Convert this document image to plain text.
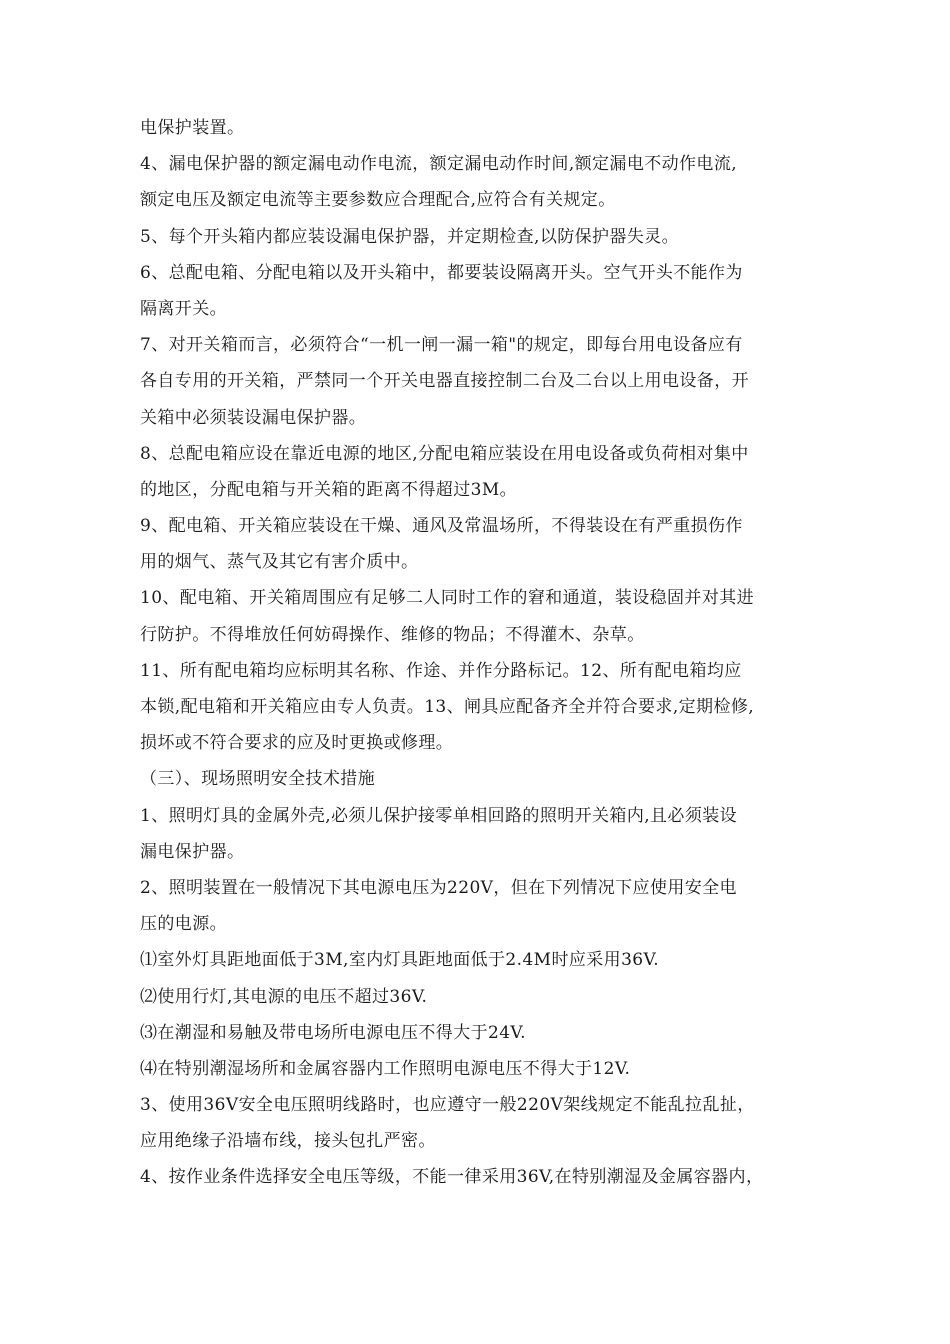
电保护装置。
4、漏电保护器的额定漏电动作电流，额定漏电动作时间,额定漏电不动作电流,
额定电压及额定电流等主要参数应合理配合,应符合有关规定。
5、每个开头箱内都应装设漏电保护器，并定期检查,以防保护器失灵。
6、总配电箱、分配电箱以及开头箱中，都要装设隔离开头。空气开头不能作为
隔离开关。
7、对开关箱而言，必须符合“一机一闸一漏一箱"的规定，即每台用电设备应有
各自专用的开关箱，严禁同一个开关电器直接控制二台及二台以上用电设备，开
关箱中必须装设漏电保护器。
8、总配电箱应设在靠近电源的地区,分配电箱应装设在用电设备或负荷相对集中
的地区，分配电箱与开关箱的距离不得超过3M。
9、配电箱、开关箱应装设在干燥、通风及常温场所，不得装设在有严重损伤作
用的烟气、蒸气及其它有害介质中。
10、配电箱、开关箱周围应有足够二人同时工作的窘和通道，装设稳固并对其进
行防护。不得堆放任何妨碍操作、维修的物品；不得灌木、杂草。
11、所有配电箱均应标明其名称、作途、并作分路标记。12、所有配电箱均应
本锁,配电箱和开关箱应由专人负责。13、闸具应配备齐全并符合要求,定期检修,
损坏或不符合要求的应及时更换或修理。
（三）、现场照明安全技术措施
1、照明灯具的金属外壳,必须儿保护接零单相回路的照明开关箱内,且必须装设
漏电保护器。
2、照明装置在一般情况下其电源电压为220V，但在下列情况下应使用安全电
压的电源。
⑴室外灯具距地面低于3M,室内灯具距地面低于2.4M时应采用36V.
⑵使用行灯,其电源的电压不超过36V.
⑶在潮湿和易触及带电场所电源电压不得大于24V.
⑷在特别潮湿场所和金属容器内工作照明电源电压不得大于12V.
3、使用36V安全电压照明线路时，也应遵守一般220V架线规定不能乱拉乱扯，
应用绝缘子沿墙布线，接头包扎严密。
4、按作业条件选择安全电压等级，不能一律采用36V,在特别潮湿及金属容器内，
